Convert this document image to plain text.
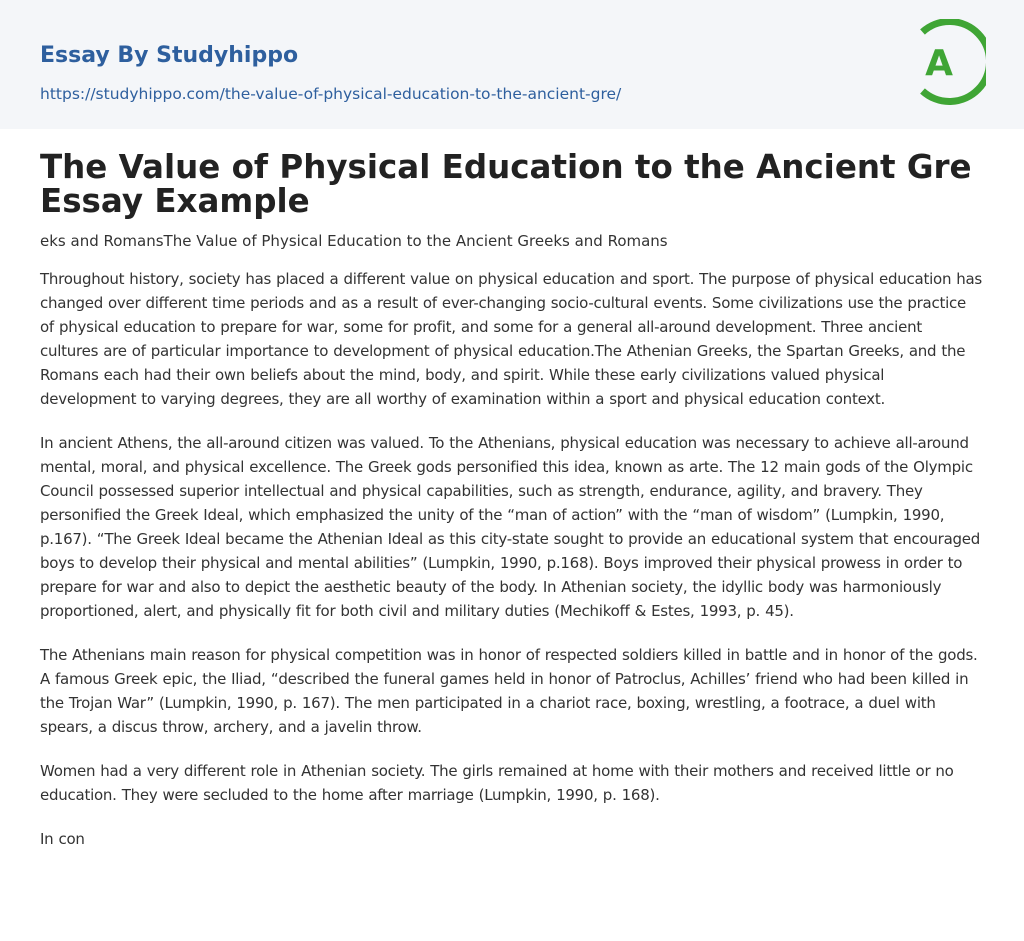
Essay By Studyhippo
https://studyhippo.com/the-value-of-physical-education-to-the-ancient-gre/
A
The Value of Physical Education to the Ancient Gre Essay Example

eks and RomansThe Value of Physical Education to the Ancient Greeks and Romans

Throughout history, society has placed a different value on physical education and sport. The purpose of physical education has changed over different time periods and as a result of ever-changing socio-cultural events. Some civilizations use the practice of physical education to prepare for war, some for profit, and some for a general all-around development. Three ancient cultures are of particular importance to development of physical education.The Athenian Greeks, the Spartan Greeks, and the Romans each had their own beliefs about the mind, body, and spirit. While these early civilizations valued physical development to varying degrees, they are all worthy of examination within a sport and physical education context.

In ancient Athens, the all-around citizen was valued. To the Athenians, physical education was necessary to achieve all-around mental, moral, and physical excellence. The Greek gods personified this idea, known as arte. The 12 main gods of the Olympic Council possessed superior intellectual and physical capabilities, such as strength, endurance, agility, and bravery. They personified the Greek Ideal, which emphasized the unity of the “man of action” with the “man of wisdom” (Lumpkin, 1990, p.167). “The Greek Ideal became the Athenian Ideal as this city-state sought to provide an educational system that encouraged boys to develop their physical and mental abilities” (Lumpkin, 1990, p.168). Boys improved their physical prowess in order to prepare for war and also to depict the aesthetic beauty of the body. In Athenian society, the idyllic body was harmoniously proportioned, alert, and physically fit for both civil and military duties (Mechikoff & Estes, 1993, p. 45).

The Athenians main reason for physical competition was in honor of respected soldiers killed in battle and in honor of the gods. A famous Greek epic, the Iliad, “described the funeral games held in honor of Patroclus, Achilles’ friend who had been killed in the Trojan War” (Lumpkin, 1990, p. 167). The men participated in a chariot race, boxing, wrestling, a footrace, a duel with spears, a discus throw, archery, and a javelin throw.

Women had a very different role in Athenian society. The girls remained at home with their mothers and received little or no education. They were secluded to the home after marriage (Lumpkin, 1990, p. 168).

In con
